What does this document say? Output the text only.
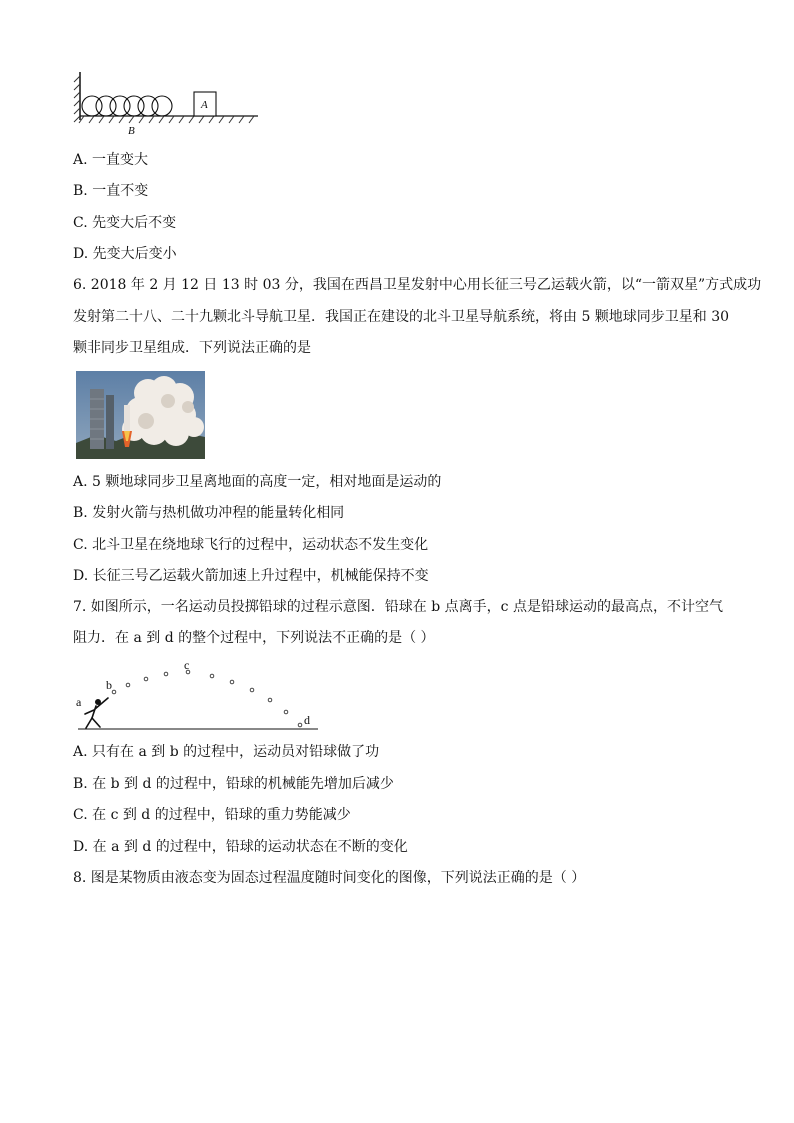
A
B
A. 一直变大
B. 一直不变
C. 先变大后不变
D. 先变大后变小
6. 2018 年 2 月 12 日 13 时 03 分，我国在西昌卫星发射中心用长征三号乙运载火箭，以“一箭双星”方式成功
发射第二十八、二十九颗北斗导航卫星．我国正在建设的北斗卫星导航系统，将由 5 颗地球同步卫星和 30
颗非同步卫星组成．下列说法正确的是
A. 5 颗地球同步卫星离地面的高度一定，相对地面是运动的
B. 发射火箭与热机做功冲程的能量转化相同
C. 北斗卫星在绕地球飞行的过程中，运动状态不发生变化
D. 长征三号乙运载火箭加速上升过程中，机械能保持不变
7. 如图所示，一名运动员投掷铅球的过程示意图．铅球在 b 点离手，c 点是铅球运动的最高点，不计空气
阻力．在 a 到 d 的整个过程中，下列说法不正确的是（ ）
a
b
c
d
A. 只有在 a 到 b 的过程中，运动员对铅球做了功
B. 在 b 到 d 的过程中，铅球的机械能先增加后减少
C. 在 c 到 d 的过程中，铅球的重力势能减少
D. 在 a 到 d 的过程中，铅球的运动状态在不断的变化
8. 图是某物质由液态变为固态过程温度随时间变化的图像，下列说法正确的是（ ）
